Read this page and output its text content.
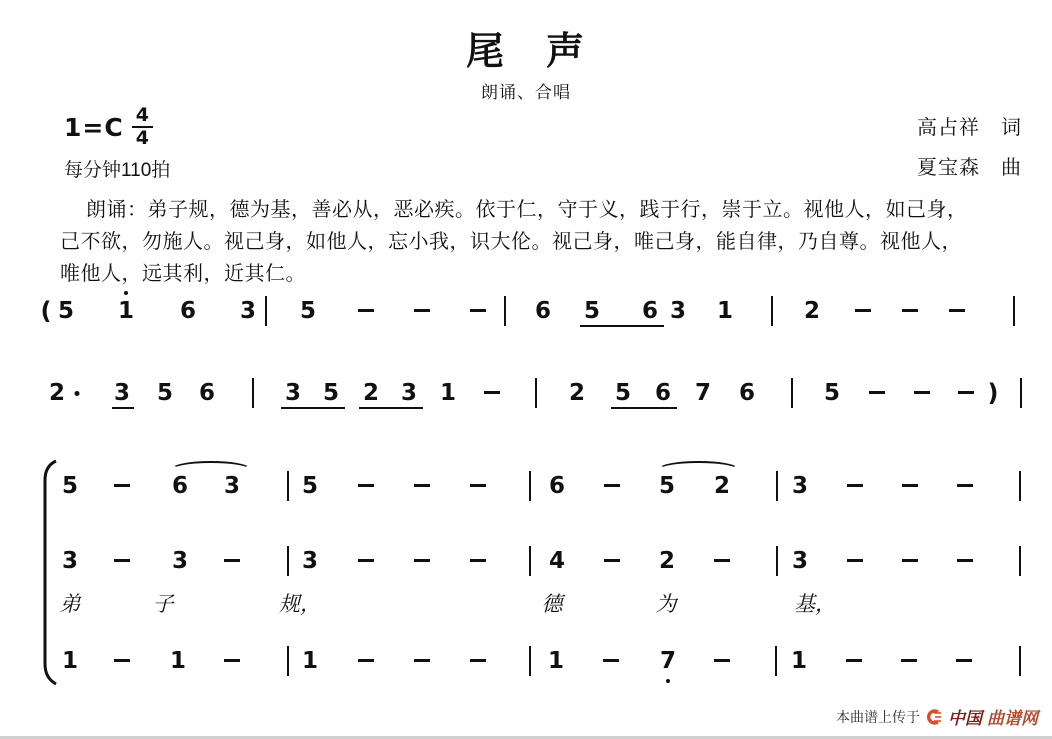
尾　声
朗诵、合唱
$1=C \frac{4}{4}$
每分钟110拍
高占祥　词
夏宝森　曲
朗诵：弟子规，德为基，善必从，恶必疾。依于仁，守于义，践于行，崇于立。视他人，如己身，
己不欲，勿施人。视己身，如他人，忘小我，识大伦。视己身，唯己身，能自律，乃自尊。视他人，
唯他人，远其利，近其仁。
( 5 1 6 3 5	6 5 6 3 1	2
2 3 5 6	3 5 2 3 1	2 5 6 7 6	5	)
5	6 3	5	6	5 2	3
3	3	3	4	2	3
1	1	1	1	7	1
弟	子	规，	德	为	基，
本曲谱上传于 中国 曲谱网
